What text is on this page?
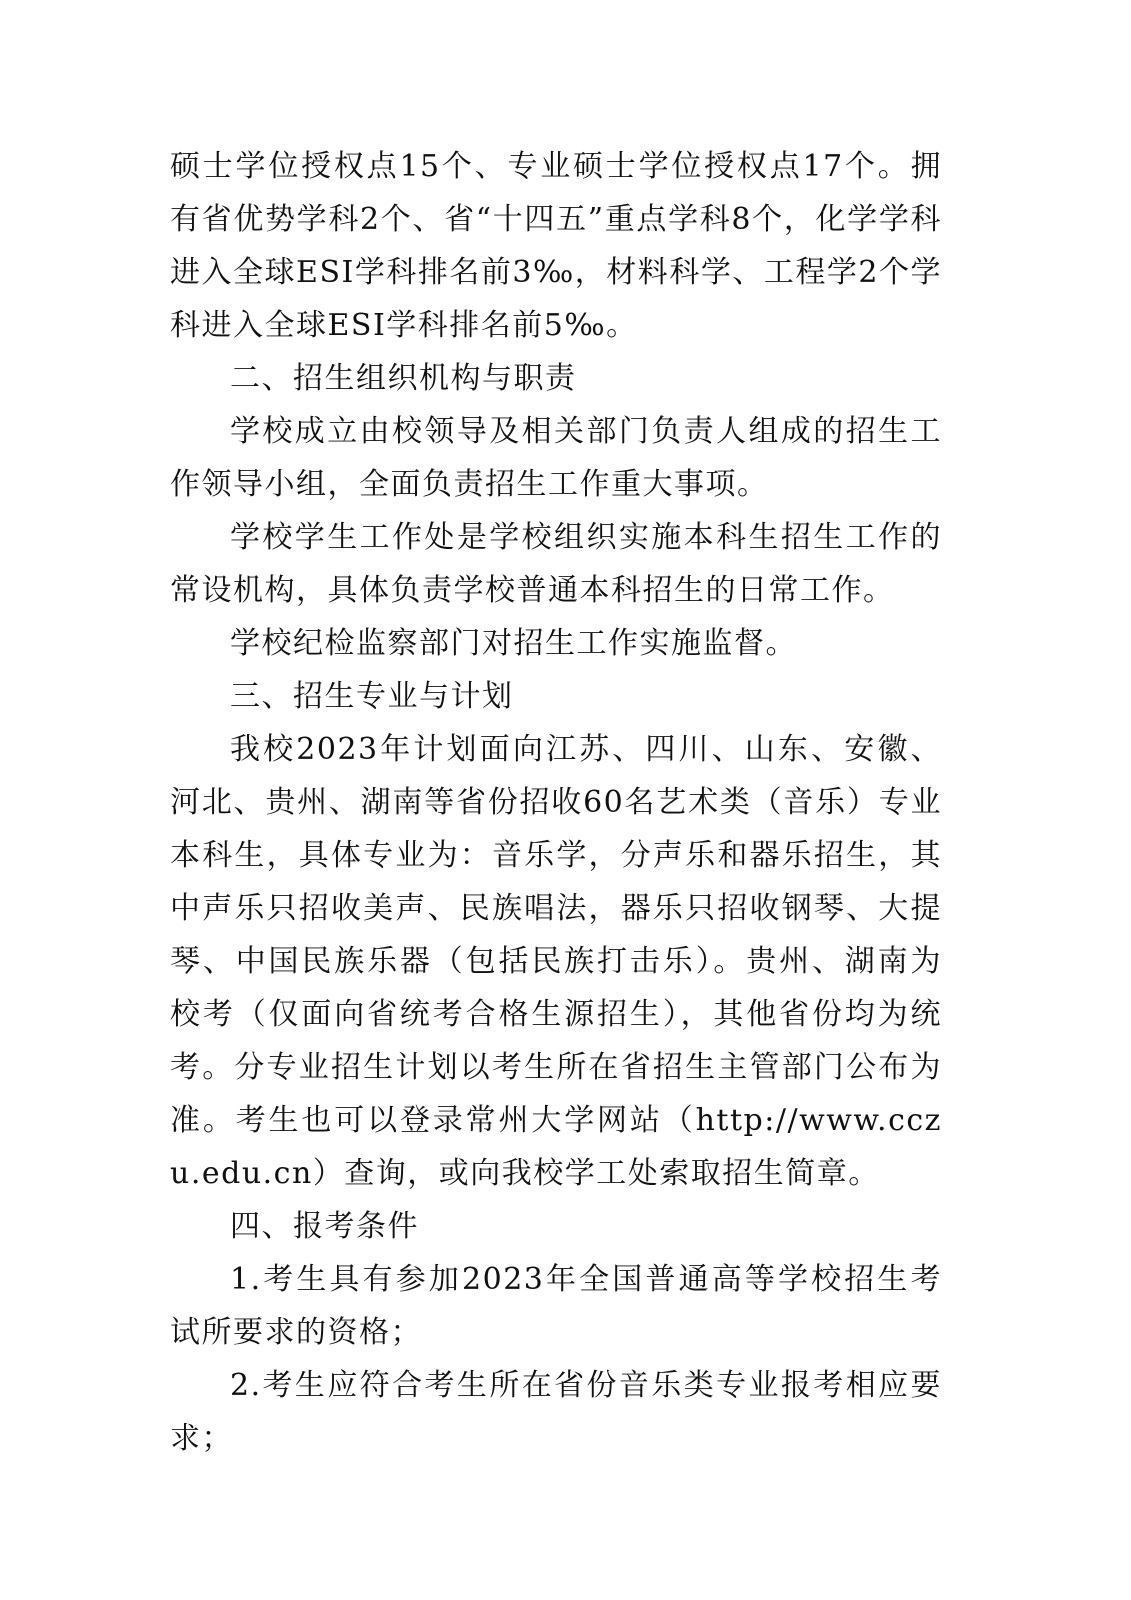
硕士学位授权点15个、专业硕士学位授权点17个。拥有省优势学科2个、省“十四五”重点学科8个，化学学科进入全球ESI学科排名前3‰，材料科学、工程学2个学科进入全球ESI学科排名前5‰。

二、招生组织机构与职责

学校成立由校领导及相关部门负责人组成的招生工作领导小组，全面负责招生工作重大事项。

学校学生工作处是学校组织实施本科生招生工作的常设机构，具体负责学校普通本科招生的日常工作。

学校纪检监察部门对招生工作实施监督。

三、招生专业与计划

我校2023年计划面向江苏、四川、山东、安徽、河北、贵州、湖南等省份招收60名艺术类（音乐）专业本科生，具体专业为：音乐学，分声乐和器乐招生，其中声乐只招收美声、民族唱法，器乐只招收钢琴、大提琴、中国民族乐器（包括民族打击乐）。贵州、湖南为校考（仅面向省统考合格生源招生），其他省份均为统考。分专业招生计划以考生所在省招生主管部门公布为准。考生也可以登录常州大学网站（http://www.cczu.edu.cn）查询，或向我校学工处索取招生简章。

四、报考条件

1.考生具有参加2023年全国普通高等学校招生考试所要求的资格；

2.考生应符合考生所在省份音乐类专业报考相应要求；
